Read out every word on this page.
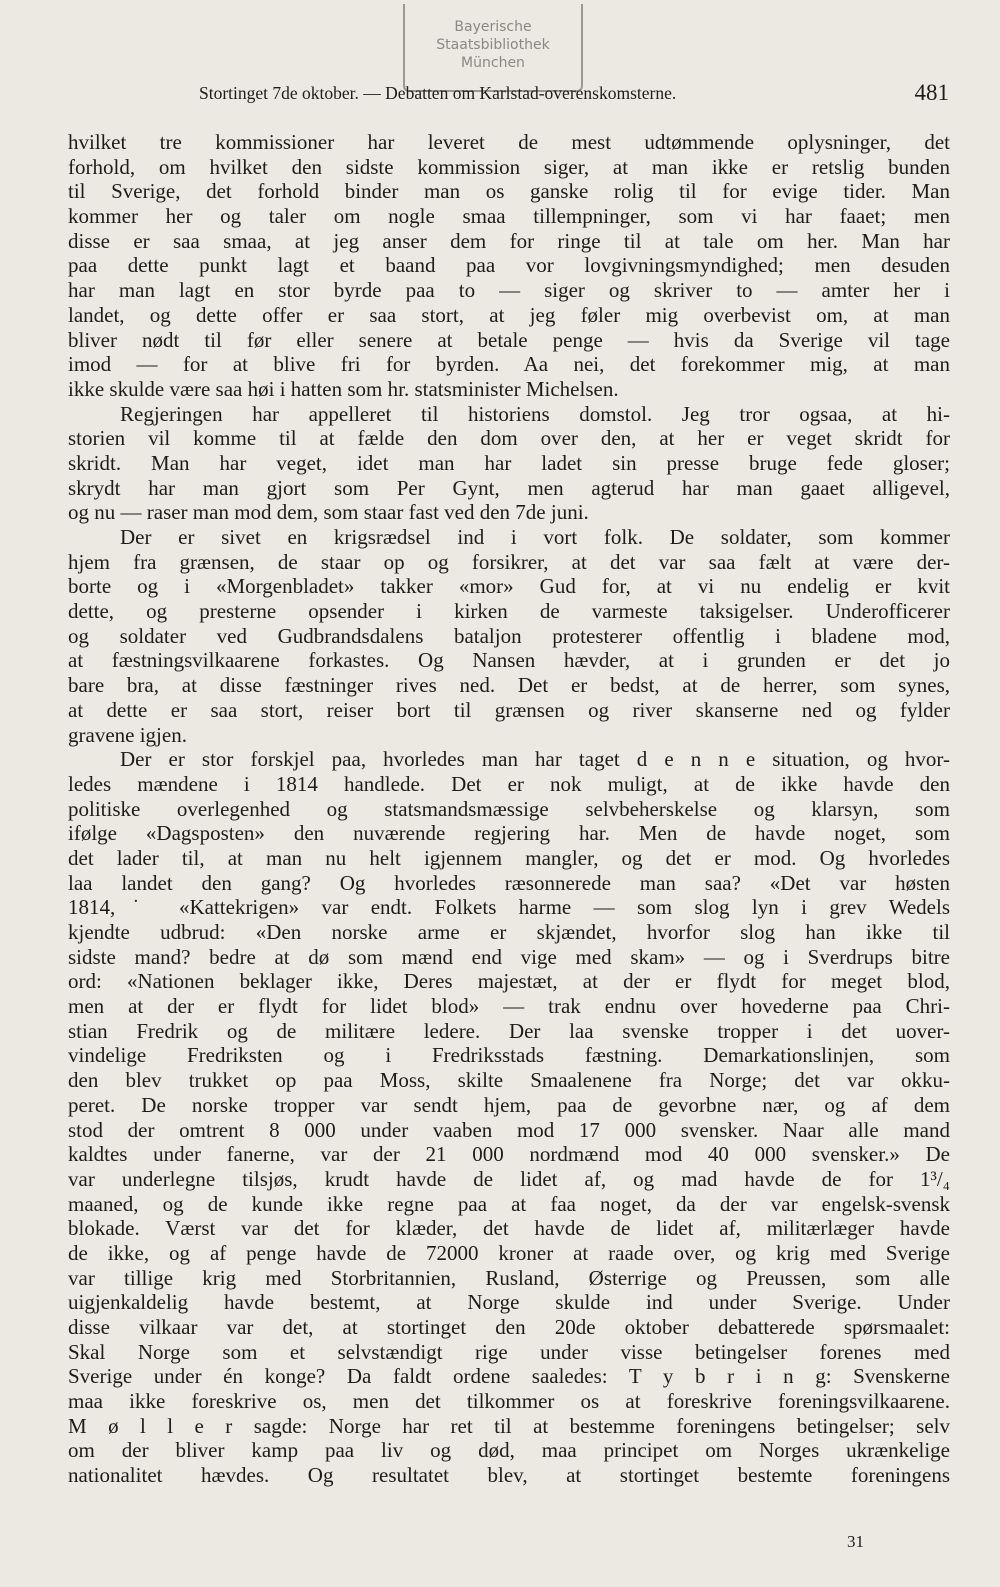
Bayerische
Staatsbibliothek
München
Stortinget 7de oktober. — Debatten om Karlstad-overenskomsterne.	481
hvilket tre kommissioner har leveret de mest udtømmende oplysninger, det
forhold, om hvilket den sidste kommission siger, at man ikke er retslig bunden
til Sverige, det forhold binder man os ganske rolig til for evige tider. Man
kommer her og taler om nogle smaa tillempninger, som vi har faaet; men
disse er saa smaa, at jeg anser dem for ringe til at tale om her. Man har
paa dette punkt lagt et baand paa vor lovgivningsmyndighed; men desuden
har man lagt en stor byrde paa to — siger og skriver to — amter her i
landet, og dette offer er saa stort, at jeg føler mig overbevist om, at man
bliver nødt til før eller senere at betale penge — hvis da Sverige vil tage
imod — for at blive fri for byrden. Aa nei, det forekommer mig, at man
ikke skulde være saa høi i hatten som hr. statsminister Michelsen.
Regjeringen har appelleret til historiens domstol. Jeg tror ogsaa, at hi-
storien vil komme til at fælde den dom over den, at her er veget skridt for
skridt. Man har veget, idet man har ladet sin presse bruge fede gloser;
skrydt har man gjort som Per Gynt, men agterud har man gaaet alligevel,
og nu — raser man mod dem, som staar fast ved den 7de juni.
Der er sivet en krigsrædsel ind i vort folk. De soldater, som kommer
hjem fra grænsen, de staar op og forsikrer, at det var saa fælt at være der-
borte og i «Morgenbladet» takker «mor» Gud for, at vi nu endelig er kvit
dette, og presterne opsender i kirken de varmeste taksigelser. Underofficerer
og soldater ved Gudbrandsdalens bataljon protesterer offentlig i bladene mod,
at fæstningsvilkaarene forkastes. Og Nansen hævder, at i grunden er det jo
bare bra, at disse fæstninger rives ned. Det er bedst, at de herrer, som synes,
at dette er saa stort, reiser bort til grænsen og river skanserne ned og fylder
gravene igjen.
Der er stor forskjel paa, hvorledes man har taget d e n n e situation, og hvor-
ledes mændene i 1814 handlede. Det er nok muligt, at de ikke havde den
politiske overlegenhed og statsmandsmæssige selvbeherskelse og klarsyn, som
ifølge «Dagsposten» den nuværende regjering har. Men de havde noget, som
det lader til, at man nu helt igjennem mangler, og det er mod. Og hvorledes
laa landet den gang? Og hvorledes ræsonnerede man saa? «Det var høsten
1814,˙ «Kattekrigen» var endt. Folkets harme — som slog lyn i grev Wedels
kjendte udbrud: «Den norske arme er skjændet, hvorfor slog han ikke til
sidste mand? bedre at dø som mænd end vige med skam» — og i Sverdrups bitre
ord: «Nationen beklager ikke, Deres majestæt, at der er flydt for meget blod,
men at der er flydt for lidet blod» — trak endnu over hovederne paa Chri-
stian Fredrik og de militære ledere. Der laa svenske tropper i det uover-
vindelige Fredriksten og i Fredriksstads fæstning. Demarkationslinjen, som
den blev trukket op paa Moss, skilte Smaalenene fra Norge; det var okku-
peret. De norske tropper var sendt hjem, paa de gevorbne nær, og af dem
stod der omtrent 8 000 under vaaben mod 17 000 svensker. Naar alle mand
kaldtes under fanerne, var der 21 000 nordmænd mod 40 000 svensker.» De
var underlegne tilsjøs, krudt havde de lidet af, og mad havde de for 1³/₄
maaned, og de kunde ikke regne paa at faa noget, da der var engelsk-svensk
blokade. Værst var det for klæder, det havde de lidet af, militærlæger havde
de ikke, og af penge havde de 72000 kroner at raade over, og krig med Sverige
var tillige krig med Storbritannien, Rusland, Østerrige og Preussen, som alle
uigjenkaldelig havde bestemt, at Norge skulde ind under Sverige. Under
disse vilkaar var det, at stortinget den 20de oktober debatterede spørsmaalet:
Skal Norge som et selvstændigt rige under visse betingelser forenes med
Sverige under én konge? Da faldt ordene saaledes: T y b r i n g: Svenskerne
maa ikke foreskrive os, men det tilkommer os at foreskrive foreningsvilkaarene.
M ø l l e r sagde: Norge har ret til at bestemme foreningens betingelser; selv
om der bliver kamp paa liv og død, maa principet om Norges ukrænkelige
nationalitet hævdes. Og resultatet blev, at stortinget bestemte foreningens
31
